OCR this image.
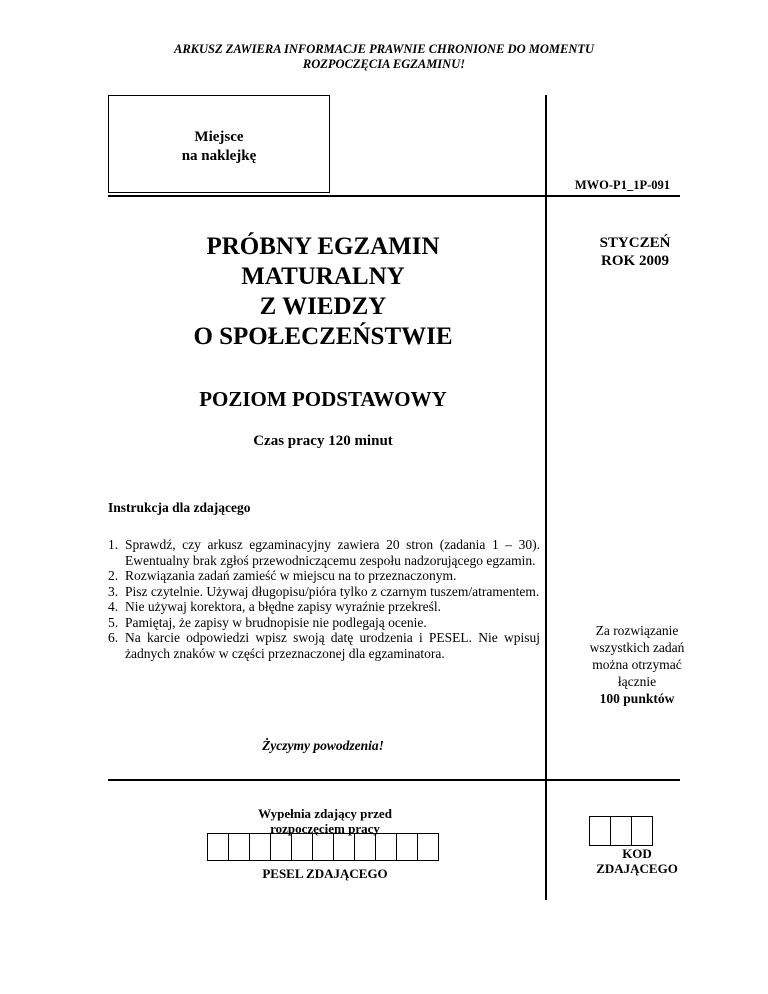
ARKUSZ ZAWIERA INFORMACJE PRAWNIE CHRONIONE DO MOMENTU
ROZPOCZĘCIA EGZAMINU!
Miejsce
na naklejkę
MWO-P1_1P-091
PRÓBNY EGZAMIN
MATURALNY
Z WIEDZY
O SPOŁECZEŃSTWIE
STYCZEŃ
ROK 2009
POZIOM PODSTAWOWY
Czas pracy 120 minut
Instrukcja dla zdającego
1. Sprawdź, czy arkusz egzaminacyjny zawiera 20 stron (zadania 1 – 30). Ewentualny brak zgłoś przewodniczącemu zespołu nadzorującego egzamin.
2. Rozwiązania zadań zamieść w miejscu na to przeznaczonym.
3. Pisz czytelnie. Używaj długopisu/pióra tylko z czarnym tuszem/atramentem.
4. Nie używaj korektora, a błędne zapisy wyraźnie przekreśl.
5. Pamiętaj, że zapisy w brudnopisie nie podlegają ocenie.
6. Na karcie odpowiedzi wpisz swoją datę urodzenia i PESEL. Nie wpisuj żadnych znaków w części przeznaczonej dla egzaminatora.
Życzymy powodzenia!
Za rozwiązanie
wszystkich zadań
można otrzymać
łącznie
100 punktów
Wypełnia zdający przed
rozpoczęciem pracy
PESEL ZDAJĄCEGO
KOD
ZDAJĄCEGO
